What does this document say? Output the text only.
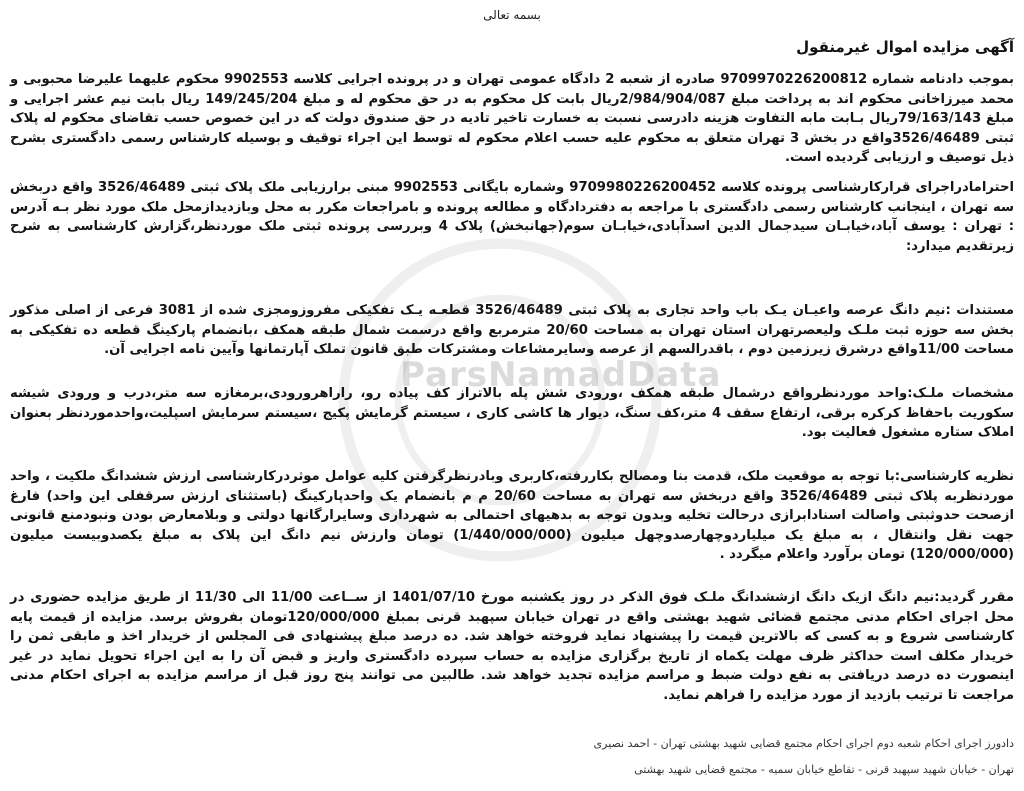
ParsNamadData
بسمه تعالی
آگهی مزایده اموال غیرمنقول
بموجب دادنامه شماره 9709970226200812 صادره از شعبه 2 دادگاه عمومی تهران و در پرونده اجرایی کلاسه 9902553 محکوم علیهما علیرضا محبوبی و محمد میرزاخانی محکوم اند به پرداخت مبلغ 2/984/904/087ریال بابت کل محکوم به در حق محکوم له و مبلغ 149/245/204 ریال بابت نیم عشر اجرایی و مبلغ 79/163/143ریال بـابت مابه التفاوت هزینه دادرسی نسبت به خسارت تاخیر تادیه در حق صندوق دولت که در این خصوص حسب تقاضای محکوم له پلاک ثبتی 3526/46489واقع در بخش 3 تهران متعلق به محکوم علیه حسب اعلام محکوم له توسط این اجراء توقیف و بوسیله کارشناس رسمی دادگستری بشرح ذیل توصیف و ارزیابی گردیده است.
احترامادراجرای قرارکارشناسی پرونده کلاسه 9709980226200452 وشماره بایگانی 9902553 مبنی برارزیابی ملک پلاک ثبتی 3526/46489 واقع دربخش سه تهران ، اینجانب کارشناس رسمی دادگستری با مراجعه به دفتردادگاه و مطالعه پرونده و بامراجعات مکرر به محل وبازدیدازمحل ملک مورد نظر بـه آدرس : تهران : یوسف آباد،خیابـان سیدجمال الدین اسدآبادی،خیابـان سوم(جهانبخش) پلاک 4 وبررسی پرونده ثبتی ملک موردنظر،گزارش کارشناسی به شرح زیرتقدیم میدارد:
مستندات :نیم دانگ عرصه واعیـان یـک باب واحد تجاری به پلاک ثبتی 3526/46489 قطعـه یـک تفکیکی مفروزومجزی شده از 3081 فرعی از اصلی مذکور بخش سه حوزه ثبت ملـک ولیعصرتهران استان تهران به مساحت 20/60 مترمربع واقع درسمت شمال طبقه همکف ،بانضمام پارکینگ قطعه ده تفکیکی به مساحت 11/00واقع درشرق زیرزمین دوم ، باقدرالسهم از عرصه وسایرمشاعات ومشترکات طبق قانون تملک آپارتمانها وآیین نامه اجرایی آن.
مشخصات ملـک:واحد موردنظرواقع درشمال طبقه همکف ،ورودی شش پله بالاتراز کف پیاده رو، راراهرورودی،برمغازه سه متر،درب و ورودی شیشه سکوریت باحفاظ کرکره برقی، ارتفاع سقف 4 متر،کف سنگ، دیوار ها کاشی کاری ، سیستم گرمایش پکیج ،سیستم سرمایش اسپلیت،واحدموردنظر بعنوان املاک ستاره مشغول فعالیت بود.
نظریه کارشناسی:با توجه به موقعیت ملک، قدمت بنا ومصالح بکاررفته،کاربری وبادرنظرگرفتن کلیه عوامل موثردرکارشناسی ارزش ششدانگ ملکیت ، واحد موردنظربه پلاک ثبتی 3526/46489 واقع دربخش سه تهران به مساحت 20/60 م م بانضمام یک واحدپارکینگ (باستثنای ارزش سرقفلی این واحد) فارغ ازصحت حدوثبتی واصالت اسنادابرازی درحالت تخلیه وبدون توجه به بدهیهای احتمالی به شهرداری وسایرارگانها دولتی و وبلامعارض بودن ونبودمنع قانونی جهت نقل وانتقال ، به مبلغ یک میلیاردوچهارصدوچهل میلیون (1/440/000/000) تومان وارزش نیم دانگ این پلاک به مبلغ یکصدوبیست میلیون (120/000/000) تومان برآورد واعلام میگردد .
مقرر گردید:نیم دانگ ازیک دانگ ازششدانگ ملـک فوق الذکر در روز یکشنبه مورخ 1401/07/10 از ســاعت 11/00 الی 11/30 از طریق مزایده حضوری در محل اجرای احکام مدنی مجتمع قضائی شهید بهشتی واقع در تهران خیابان سپهبد قرنی بمبلغ 120/000/000تومان بفروش برسد. مزایده از قیمت پایه کارشناسی شروع و به کسی که بالاترین قیمت را پیشنهاد نماید فروخته خواهد شد. ده درصد مبلغ پیشنهادی فی المجلس از خریدار اخذ و مابقی ثمن را خریدار مکلف است حداکثر ظرف مهلت یکماه از تاریخ برگزاری مزایده به حساب سپرده دادگستری واریز و قبض آن را به این اجراء تحویل نماید در غیر اینصورت ده درصد دریافتی به نفع دولت ضبط و مراسم مزایده تجدید خواهد شد. طالبین می توانند پنج روز قبل از مراسم مزایده به اجرای احکام مدنی مراجعت تا ترتیب بازدید از مورد مزایده را فراهم نماید.
دادورز اجرای احکام شعبه دوم اجرای احکام مجتمع قضایی شهید بهشتی تهران - احمد نصیری
تهران - خیابان شهید سپهبد قرنی - تقاطع خیابان سمیه - مجتمع قضایی شهید بهشتی
